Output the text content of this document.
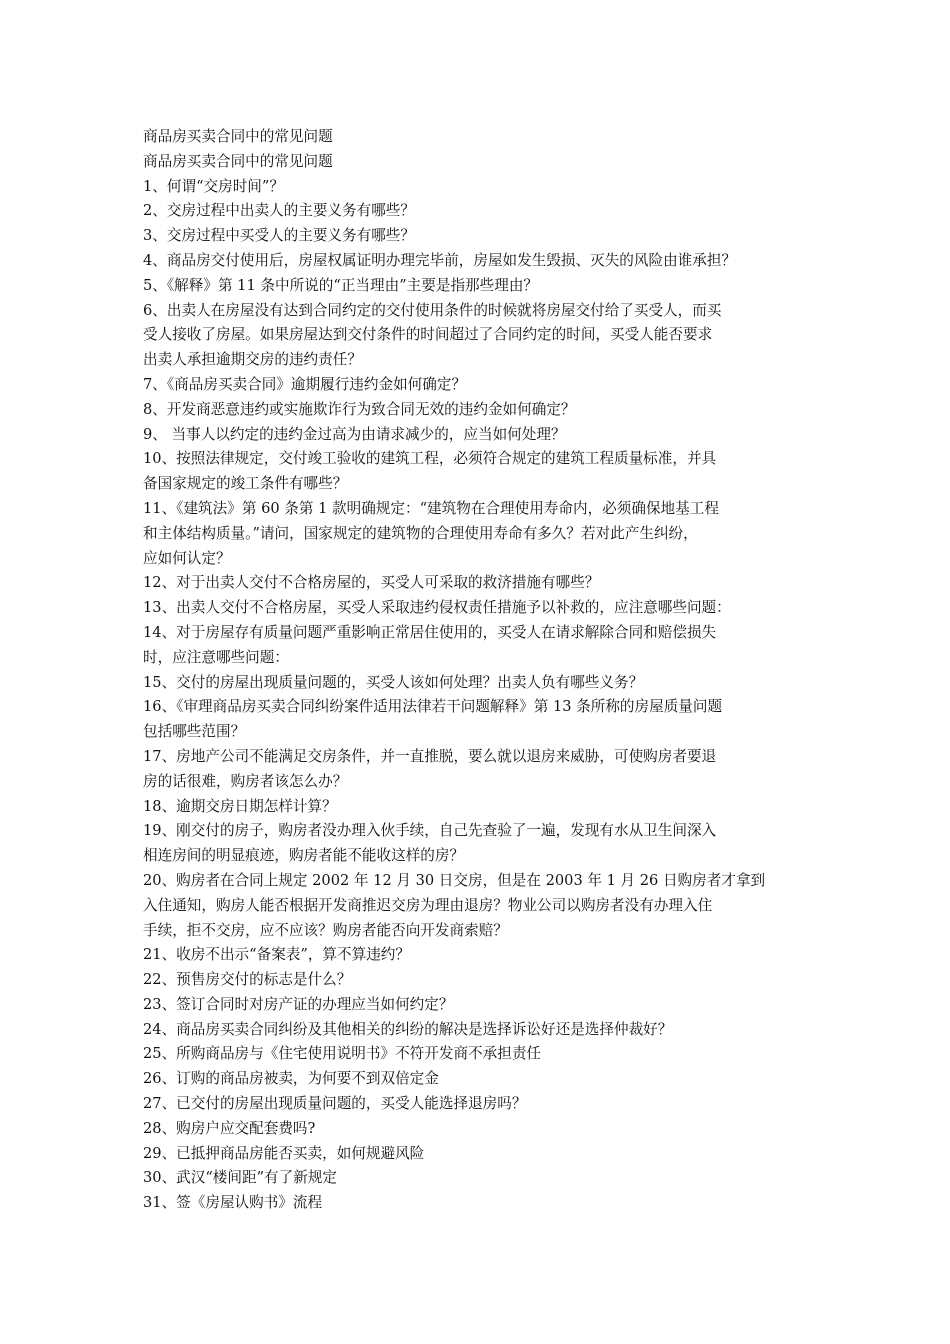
商品房买卖合同中的常见问题

商品房买卖合同中的常见问题

1、何谓“交房时间”？

2、交房过程中出卖人的主要义务有哪些？

3、交房过程中买受人的主要义务有哪些？

4、商品房交付使用后，房屋权属证明办理完毕前，房屋如发生毁损、灭失的风险由谁承担？

5、《解释》第 11 条中所说的“正当理由”主要是指那些理由？

6、出卖人在房屋没有达到合同约定的交付使用条件的时候就将房屋交付给了买受人，而买

受人接收了房屋。如果房屋达到交付条件的时间超过了合同约定的时间，买受人能否要求

出卖人承担逾期交房的违约责任？

7、《商品房买卖合同》逾期履行违约金如何确定？

8、开发商恶意违约或实施欺诈行为致合同无效的违约金如何确定？

9、 当事人以约定的违约金过高为由请求减少的，应当如何处理？

10、按照法律规定，交付竣工验收的建筑工程，必须符合规定的建筑工程质量标准，并具

备国家规定的竣工条件有哪些？

11、《建筑法》第 60 条第 1 款明确规定：“建筑物在合理使用寿命内，必须确保地基工程

和主体结构质量。”请问，国家规定的建筑物的合理使用寿命有多久？若对此产生纠纷，

应如何认定？

12、对于出卖人交付不合格房屋的，买受人可采取的救济措施有哪些？

13、出卖人交付不合格房屋，买受人采取违约侵权责任措施予以补救的，应注意哪些问题：

14、对于房屋存有质量问题严重影响正常居住使用的，买受人在请求解除合同和赔偿损失

时，应注意哪些问题：

15、交付的房屋出现质量问题的，买受人该如何处理？出卖人负有哪些义务？

16、《审理商品房买卖合同纠纷案件适用法律若干问题解释》第 13 条所称的房屋质量问题

包括哪些范围？

17、房地产公司不能满足交房条件，并一直推脱，要么就以退房来威胁，可使购房者要退

房的话很难，购房者该怎么办？

18、逾期交房日期怎样计算？

19、刚交付的房子，购房者没办理入伙手续，自己先查验了一遍，发现有水从卫生间深入

相连房间的明显痕迹，购房者能不能收这样的房？

20、购房者在合同上规定 2002 年 12 月 30 日交房，但是在 2003 年 1 月 26 日购房者才拿到

入住通知，购房人能否根据开发商推迟交房为理由退房？物业公司以购房者没有办理入住

手续，拒不交房，应不应该？购房者能否向开发商索赔？

21、收房不出示“备案表”，算不算违约？

22、预售房交付的标志是什么？

23、签订合同时对房产证的办理应当如何约定？

24、商品房买卖合同纠纷及其他相关的纠纷的解决是选择诉讼好还是选择仲裁好？

25、所购商品房与《住宅使用说明书》不符开发商不承担责任

26、订购的商品房被卖，为何要不到双倍定金

27、已交付的房屋出现质量问题的，买受人能选择退房吗？

28、购房户应交配套费吗?

29、已抵押商品房能否买卖，如何规避风险

30、武汉“楼间距”有了新规定

31、签《房屋认购书》流程
